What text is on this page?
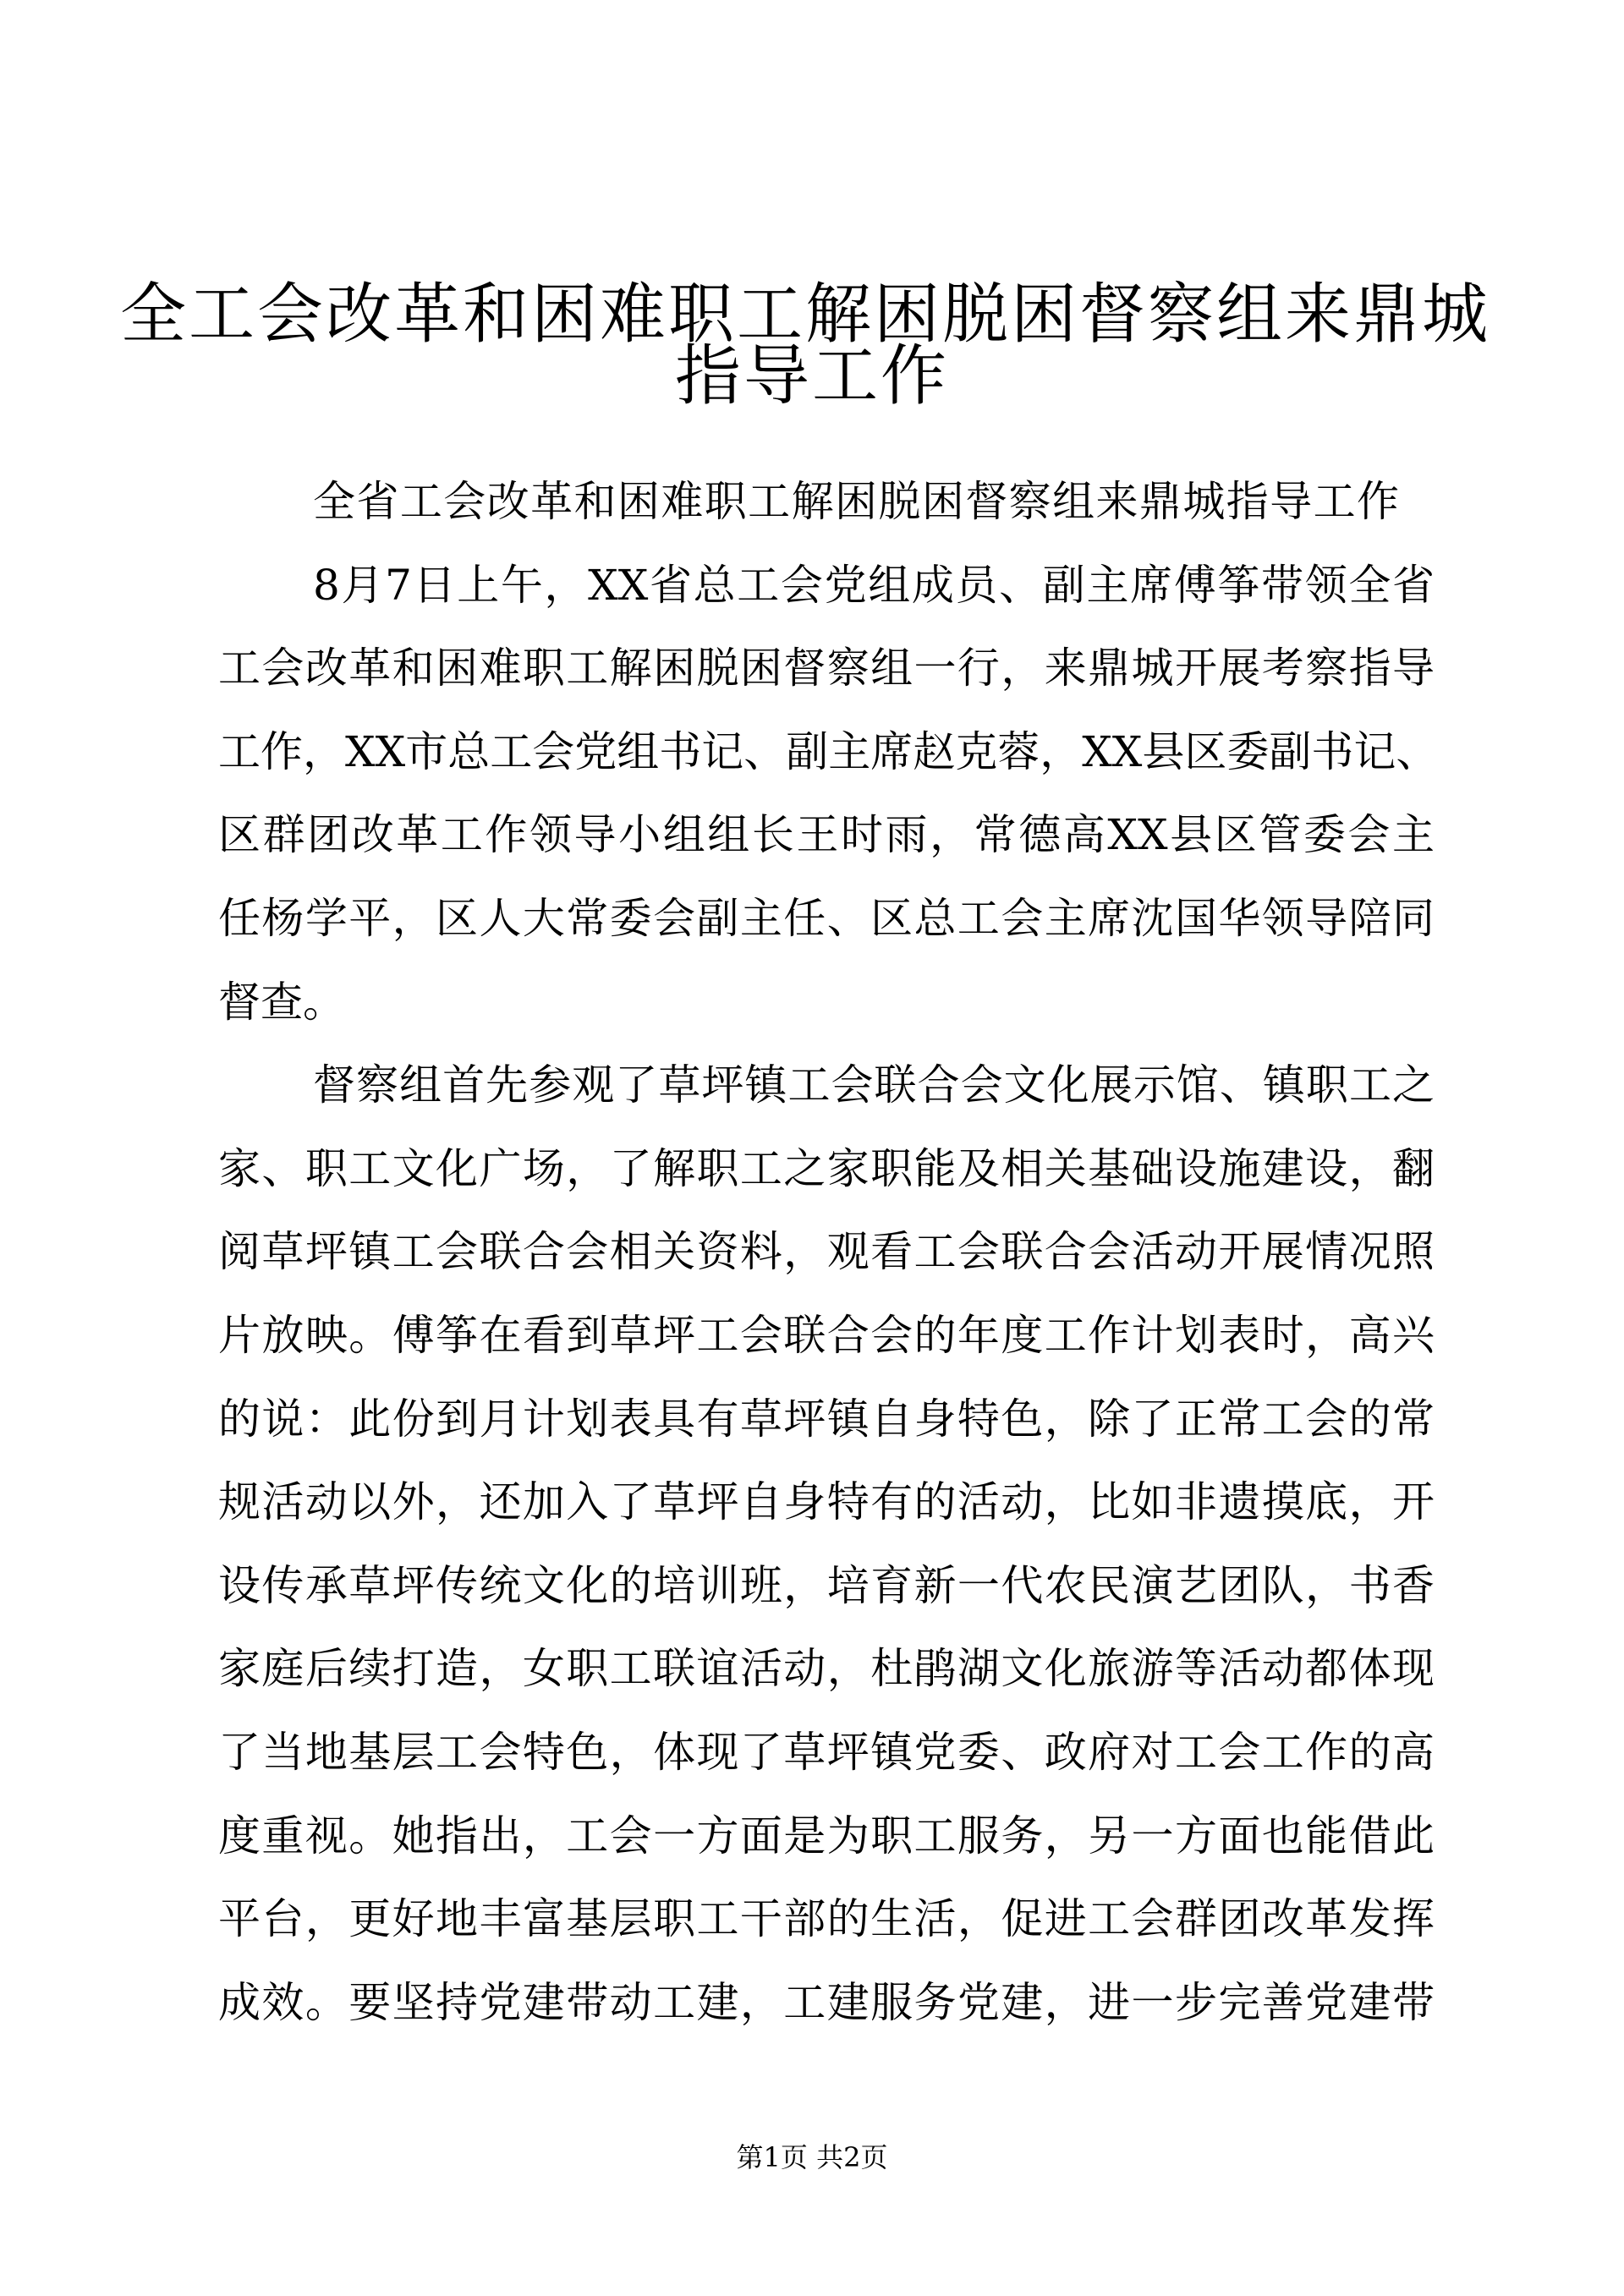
全工会改革和困难职工解困脱困督察组来鼎城
指导工作
全省工会改革和困难职工解困脱困督察组来鼎城指导工作
8月7日上午，XX省总工会党组成员、副主席傅筝带领全省
工会改革和困难职工解困脱困督察组一行，来鼎城开展考察指导
工作，XX市总工会党组书记、副主席赵克蓉，XX县区委副书记、
区群团改革工作领导小组组长王时雨，常德高XX县区管委会主
任杨学平，区人大常委会副主任、区总工会主席沈国华领导陪同
督查。
督察组首先参观了草坪镇工会联合会文化展示馆、镇职工之
家、职工文化广场，了解职工之家职能及相关基础设施建设，翻
阅草坪镇工会联合会相关资料，观看工会联合会活动开展情况照
片放映。傅筝在看到草坪工会联合会的年度工作计划表时，高兴
的说：此份到月计划表具有草坪镇自身特色，除了正常工会的常
规活动以外，还加入了草坪自身特有的活动，比如非遗摸底，开
设传承草坪传统文化的培训班，培育新一代农民演艺团队，书香
家庭后续打造，女职工联谊活动，杜鹃湖文化旅游等活动都体现
了当地基层工会特色，体现了草坪镇党委、政府对工会工作的高
度重视。她指出，工会一方面是为职工服务，另一方面也能借此
平台，更好地丰富基层职工干部的生活，促进工会群团改革发挥
成效。要坚持党建带动工建，工建服务党建，进一步完善党建带
第1页 共2页
